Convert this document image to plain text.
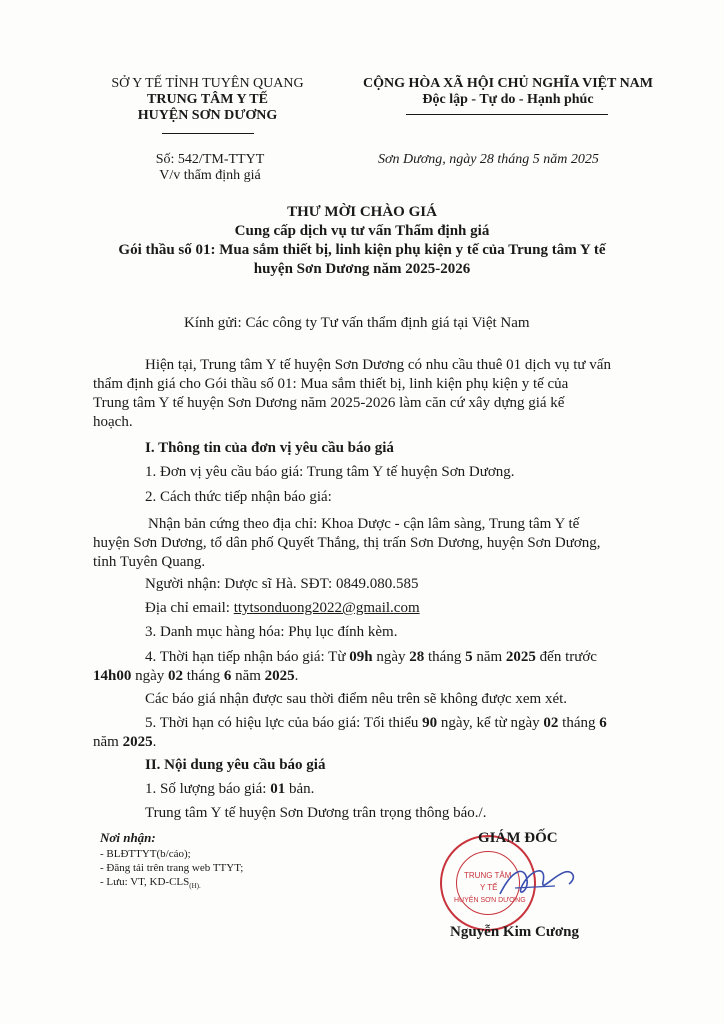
SỞ Y TẾ TỈNH TUYÊN QUANG
TRUNG TÂM Y TẾ
HUYỆN SƠN DƯƠNG
CỘNG HÒA XÃ HỘI CHỦ NGHĨA VIỆT NAM
Độc lập - Tự do - Hạnh phúc
Số: 542/TM-TTYT
V/v thẩm định giá
Sơn Dương, ngày 28 tháng 5 năm 2025
THƯ MỜI CHÀO GIÁ
Cung cấp dịch vụ tư vấn Thẩm định giá
Gói thầu số 01: Mua sắm thiết bị, linh kiện phụ kiện y tế của Trung tâm Y tế
huyện Sơn Dương năm 2025-2026
Kính gửi: Các công ty Tư vấn thẩm định giá tại Việt Nam
Hiện tại, Trung tâm Y tế huyện Sơn Dương có nhu cầu thuê 01 dịch vụ tư vấn
thẩm định giá cho Gói thầu số 01: Mua sắm thiết bị, linh kiện phụ kiện y tế của
Trung tâm Y tế huyện Sơn Dương năm 2025-2026 làm căn cứ xây dựng giá kế
hoạch.
I. Thông tin của đơn vị yêu cầu báo giá
1. Đơn vị yêu cầu báo giá: Trung tâm Y tế huyện Sơn Dương.
2. Cách thức tiếp nhận báo giá:
Nhận bản cứng theo địa chỉ: Khoa Dược - cận lâm sàng, Trung tâm Y tế
huyện Sơn Dương, tổ dân phố Quyết Thắng, thị trấn Sơn Dương, huyện Sơn Dương,
tỉnh Tuyên Quang.
Người nhận: Dược sĩ Hà. SĐT: 0849.080.585
Địa chỉ email: ttytsonduong2022@gmail.com
3. Danh mục hàng hóa: Phụ lục đính kèm.
4. Thời hạn tiếp nhận báo giá: Từ 09h ngày 28 tháng 5 năm 2025 đến trước
14h00 ngày 02 tháng 6 năm 2025.
Các báo giá nhận được sau thời điểm nêu trên sẽ không được xem xét.
5. Thời hạn có hiệu lực của báo giá: Tối thiểu 90 ngày, kể từ ngày 02 tháng 6
năm 2025.
II. Nội dung yêu cầu báo giá
1. Số lượng báo giá: 01 bản.
Trung tâm Y tế huyện Sơn Dương trân trọng thông báo./.
Nơi nhận:
- BLĐTTYT(b/cáo);
- Đăng tải trên trang web TTYT;
- Lưu: VT, $KD-CLS_{(H).}$
TRUNG TÂM
Y TẾ
HUYỆN SƠN DƯƠNG
GIÁM ĐỐC
Nguyễn Kim Cương
